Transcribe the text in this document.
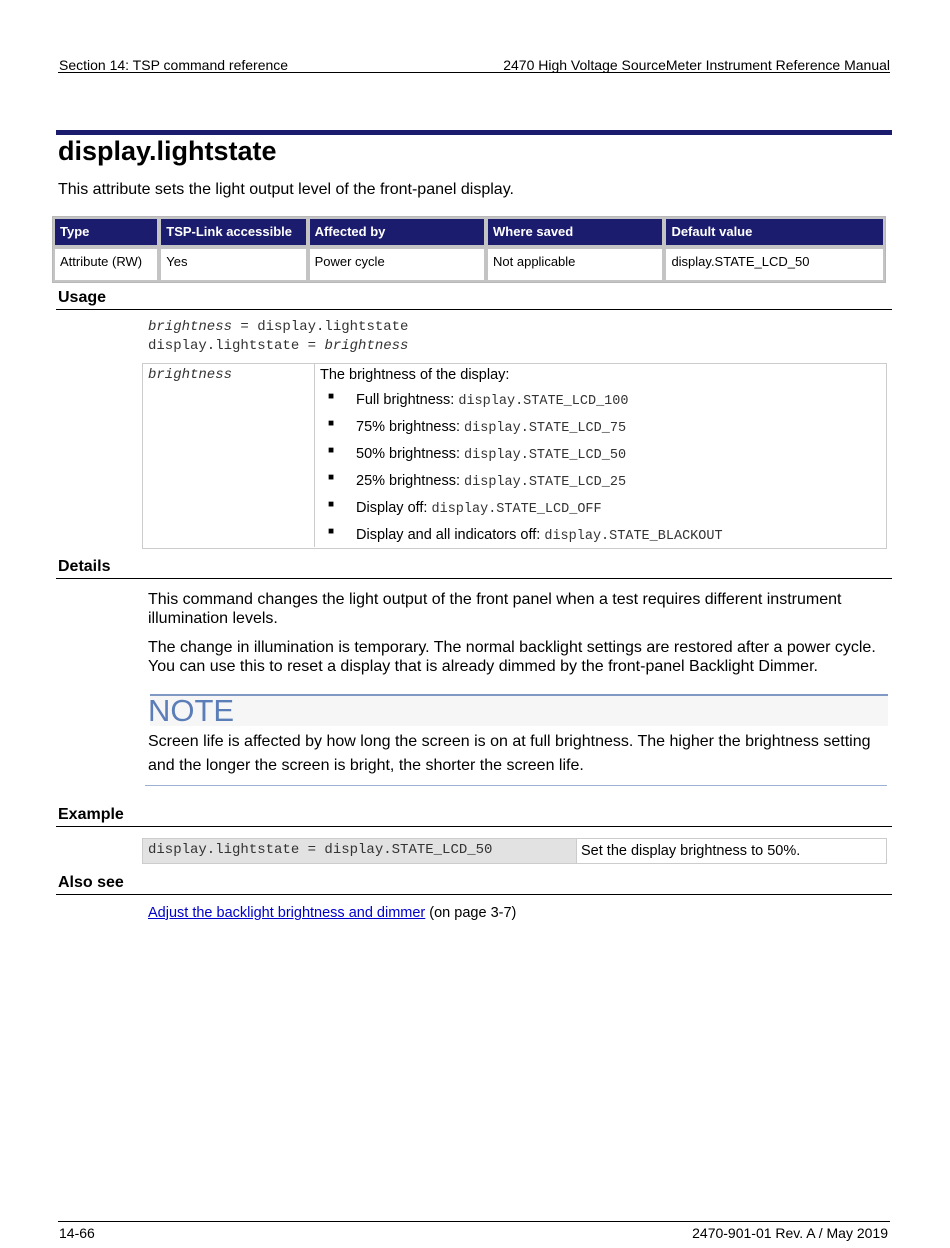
Section 14: TSP command reference	2470 High Voltage SourceMeter Instrument Reference Manual
display.lightstate
This attribute sets the light output level of the front-panel display.
Type	TSP-Link accessible	Affected by	Where saved	Default value
Attribute (RW)	Yes	Power cycle	Not applicable	display.STATE_LCD_50
Usage
brightness = display.lightstate
display.lightstate = brightness
brightness	The brightness of the display:
■ Full brightness: display.STATE_LCD_100
■ 75% brightness: display.STATE_LCD_75
■ 50% brightness: display.STATE_LCD_50
■ 25% brightness: display.STATE_LCD_25
■ Display off: display.STATE_LCD_OFF
■ Display and all indicators off: display.STATE_BLACKOUT
Details
This command changes the light output of the front panel when a test requires different instrument illumination levels.
The change in illumination is temporary. The normal backlight settings are restored after a power cycle. You can use this to reset a display that is already dimmed by the front-panel Backlight Dimmer.
NOTE
Screen life is affected by how long the screen is on at full brightness. The higher the brightness setting and the longer the screen is bright, the shorter the screen life.
Example
display.lightstate = display.STATE_LCD_50	Set the display brightness to 50%.
Also see
Adjust the backlight brightness and dimmer (on page 3-7)
14-66	2470-901-01 Rev. A / May 2019
